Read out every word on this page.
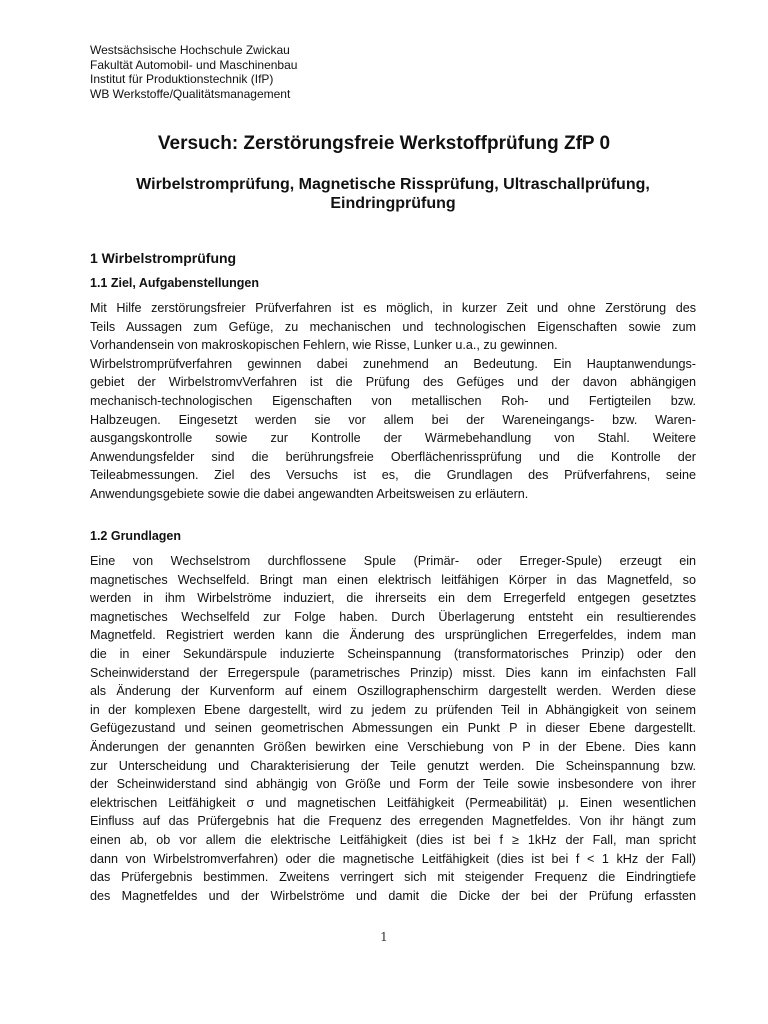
Westsächsische Hochschule Zwickau
Fakultät Automobil- und Maschinenbau
Institut für Produktionstechnik (IfP)
WB Werkstoffe/Qualitätsmanagement
Versuch: Zerstörungsfreie Werkstoffprüfung ZfP 0
Wirbelstromprüfung, Magnetische Rissprüfung, Ultraschallprüfung, Eindringprüfung
1 Wirbelstromprüfung
1.1 Ziel, Aufgabenstellungen
Mit Hilfe zerstörungsfreier Prüfverfahren ist es möglich, in kurzer Zeit und ohne Zerstörung des
Teils Aussagen zum Gefüge, zu mechanischen und technologischen Eigenschaften sowie zum
Vorhandensein von makroskopischen Fehlern, wie Risse, Lunker u.a., zu gewinnen.
Wirbelstromprüfverfahren gewinnen dabei zunehmend an Bedeutung. Ein Hauptanwendungs-
gebiet der WirbelstromvVerfahren ist die Prüfung des Gefüges und der davon abhängigen
mechanisch-technologischen Eigenschaften von metallischen Roh- und Fertigteilen bzw.
Halbzeugen. Eingesetzt werden sie vor allem bei der Wareneingangs- bzw. Waren-
ausgangskontrolle sowie zur Kontrolle der Wärmebehandlung von Stahl. Weitere
Anwendungsfelder sind die berührungsfreie Oberflächenrissprüfung und die Kontrolle der
Teileabmessungen. Ziel des Versuchs ist es, die Grundlagen des Prüfverfahrens, seine
Anwendungsgebiete sowie die dabei angewandten Arbeitsweisen zu erläutern.
1.2 Grundlagen
Eine von Wechselstrom durchflossene Spule (Primär- oder Erreger-Spule) erzeugt ein
magnetisches Wechselfeld. Bringt man einen elektrisch leitfähigen Körper in das Magnetfeld, so
werden in ihm Wirbelströme induziert, die ihrerseits ein dem Erregerfeld entgegen gesetztes
magnetisches Wechselfeld zur Folge haben. Durch Überlagerung entsteht ein resultierendes
Magnetfeld. Registriert werden kann die Änderung des ursprünglichen Erregerfeldes, indem man
die in einer Sekundärspule induzierte Scheinspannung (transformatorisches Prinzip) oder den
Scheinwiderstand der Erregerspule (parametrisches Prinzip) misst. Dies kann im einfachsten Fall
als Änderung der Kurvenform auf einem Oszillographenschirm dargestellt werden. Werden diese
in der komplexen Ebene dargestellt, wird zu jedem zu prüfenden Teil in Abhängigkeit von seinem
Gefügezustand und seinen geometrischen Abmessungen ein Punkt P in dieser Ebene dargestellt.
Änderungen der genannten Größen bewirken eine Verschiebung von P in der Ebene. Dies kann
zur Unterscheidung und Charakterisierung der Teile genutzt werden. Die Scheinspannung bzw.
der Scheinwiderstand sind abhängig von Größe und Form der Teile sowie insbesondere von ihrer
elektrischen Leitfähigkeit σ und magnetischen Leitfähigkeit (Permeabilität) μ. Einen wesentlichen
Einfluss auf das Prüfergebnis hat die Frequenz des erregenden Magnetfeldes. Von ihr hängt zum
einen ab, ob vor allem die elektrische Leitfähigkeit (dies ist bei f ≥ 1kHz der Fall, man spricht
dann von Wirbelstromverfahren) oder die magnetische Leitfähigkeit (dies ist bei f < 1 kHz der Fall)
das Prüfergebnis bestimmen. Zweitens verringert sich mit steigender Frequenz die Eindringtiefe
des Magnetfeldes und der Wirbelströme und damit die Dicke der bei der Prüfung erfassten
1
